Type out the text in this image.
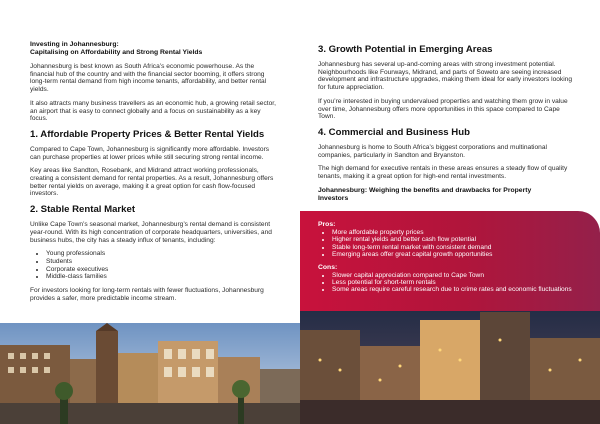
Investing in Johannesburg:
Capitalising on Affordability and Strong Rental Yields

Johannesburg is best known as South Africa’s economic powerhouse. As the financial hub of the country and with the financial sector booming, it offers strong long-term rental demand from high income tenants, affordability, and better rental yields.

It also attracts many business travellers as an economic hub, a growing retail sector, an airport that is easy to connect globally and a focus on sustainability as a key focus.

1. Affordable Property Prices & Better Rental Yields

Compared to Cape Town, Johannesburg is significantly more affordable. Investors can purchase properties at lower prices while still securing strong rental income.

Key areas like Sandton, Rosebank, and Midrand attract working professionals, creating a consistent demand for rental properties. As a result, Johannesburg offers better rental yields on average, making it a great option for cash flow-focused investors.

2. Stable Rental Market

Unlike Cape Town’s seasonal market, Johannesburg’s rental demand is consistent year-round. With its high concentration of corporate headquarters, universities, and business hubs, the city has a steady influx of tenants, including:

• Young professionals
• Students
• Corporate executives
• Middle-class families

For investors looking for long-term rentals with fewer fluctuations, Johannesburg provides a safer, more predictable income stream.

3. Growth Potential in Emerging Areas

Johannesburg has several up-and-coming areas with strong investment potential. Neighbourhoods like Fourways, Midrand, and parts of Soweto are seeing increased development and infrastructure upgrades, making them ideal for early investors looking for future appreciation.

If you’re interested in buying undervalued properties and watching them grow in value over time, Johannesburg offers more opportunities in this space compared to Cape Town.

4. Commercial and Business Hub

Johannesburg is home to South Africa’s biggest corporations and multinational companies, particularly in Sandton and Bryanston.

The high demand for executive rentals in these areas ensures a steady flow of quality tenants, making it a great option for high-end rental investments.

Johannesburg: Weighing the benefits and drawbacks for Property
Investors

Pros:

• More affordable property prices
• Higher rental yields and better cash flow potential
• Stable long-term rental market with consistent demand
• Emerging areas offer great capital growth opportunities

Cons:

• Slower capital appreciation compared to Cape Town
• Less potential for short-term rentals
• Some areas require careful research due to crime rates and economic fluctuations
